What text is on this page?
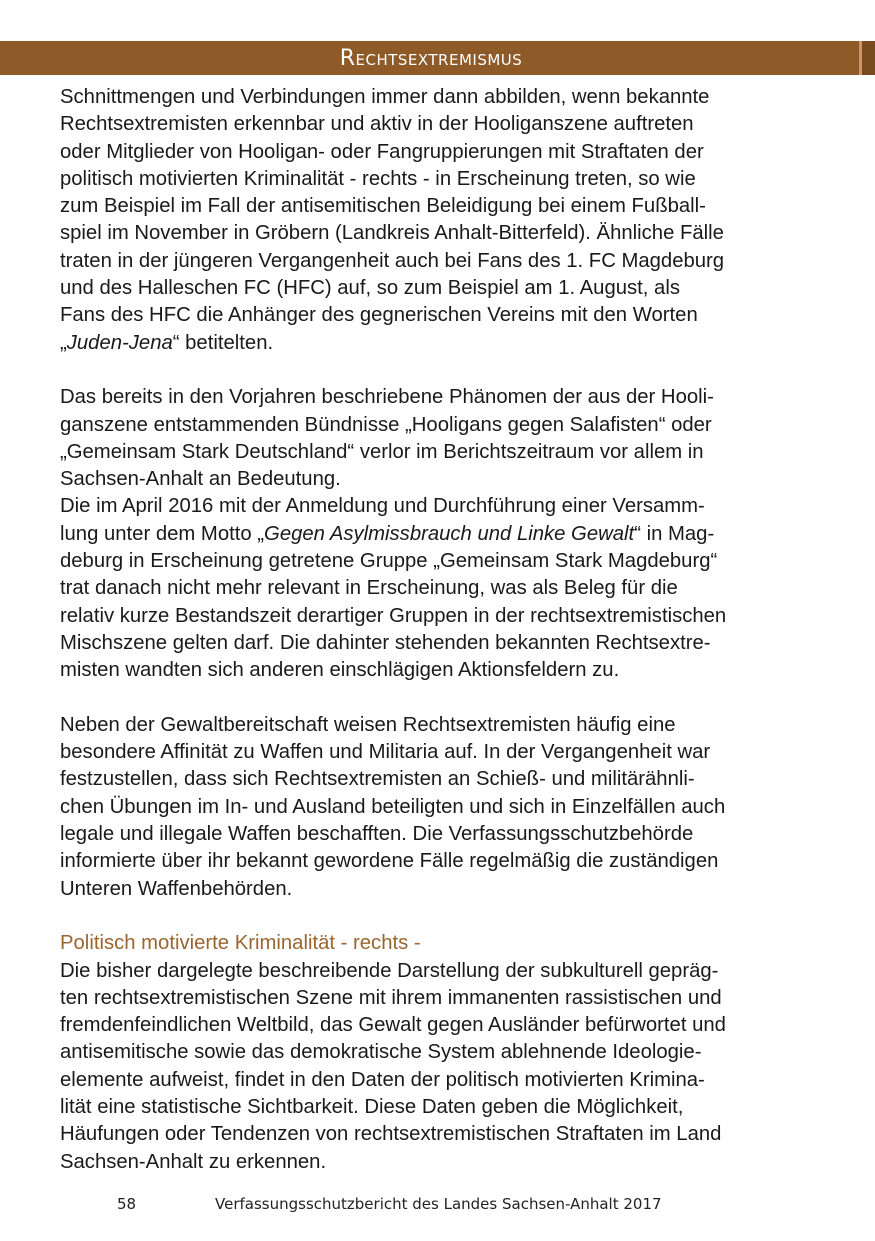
Rechtsextremismus
Schnittmengen und Verbindungen immer dann abbilden, wenn bekannte
Rechtsextremisten erkennbar und aktiv in der Hooliganszene auftreten
oder Mitglieder von Hooligan- oder Fangruppierungen mit Straftaten der
politisch motivierten Kriminalität - rechts - in Erscheinung treten, so wie
zum Beispiel im Fall der antisemitischen Beleidigung bei einem Fußball-
spiel im November in Gröbern (Landkreis Anhalt-Bitterfeld). Ähnliche Fälle
traten in der jüngeren Vergangenheit auch bei Fans des 1. FC Magdeburg
und des Halleschen FC (HFC) auf, so zum Beispiel am 1. August, als
Fans des HFC die Anhänger des gegnerischen Vereins mit den Worten
„Juden-Jena“ betitelten.
Das bereits in den Vorjahren beschriebene Phänomen der aus der Hooli-
ganszene entstammenden Bündnisse „Hooligans gegen Salafisten“ oder
„Gemeinsam Stark Deutschland“ verlor im Berichtszeitraum vor allem in
Sachsen-Anhalt an Bedeutung.
Die im April 2016 mit der Anmeldung und Durchführung einer Versamm-
lung unter dem Motto „Gegen Asylmissbrauch und Linke Gewalt“ in Mag-
deburg in Erscheinung getretene Gruppe „Gemeinsam Stark Magdeburg“
trat danach nicht mehr relevant in Erscheinung, was als Beleg für die
relativ kurze Bestandszeit derartiger Gruppen in der rechtsextremistischen
Mischszene gelten darf. Die dahinter stehenden bekannten Rechtsextre-
misten wandten sich anderen einschlägigen Aktionsfeldern zu.
Neben der Gewaltbereitschaft weisen Rechtsextremisten häufig eine
besondere Affinität zu Waffen und Militaria auf. In der Vergangenheit war
festzustellen, dass sich Rechtsextremisten an Schieß- und militärähnli-
chen Übungen im In- und Ausland beteiligten und sich in Einzelfällen auch
legale und illegale Waffen beschafften. Die Verfassungsschutzbehörde
informierte über ihr bekannt gewordene Fälle regelmäßig die zuständigen
Unteren Waffenbehörden.
Politisch motivierte Kriminalität - rechts -
Die bisher dargelegte beschreibende Darstellung der subkulturell gepräg-
ten rechtsextremistischen Szene mit ihrem immanenten rassistischen und
fremdenfeindlichen Weltbild, das Gewalt gegen Ausländer befürwortet und
antisemitische sowie das demokratische System ablehnende Ideologie-
elemente aufweist, findet in den Daten der politisch motivierten Krimina-
lität eine statistische Sichtbarkeit. Diese Daten geben die Möglichkeit,
Häufungen oder Tendenzen von rechtsextremistischen Straftaten im Land
Sachsen-Anhalt zu erkennen.
58	Verfassungsschutzbericht des Landes Sachsen-Anhalt 2017
